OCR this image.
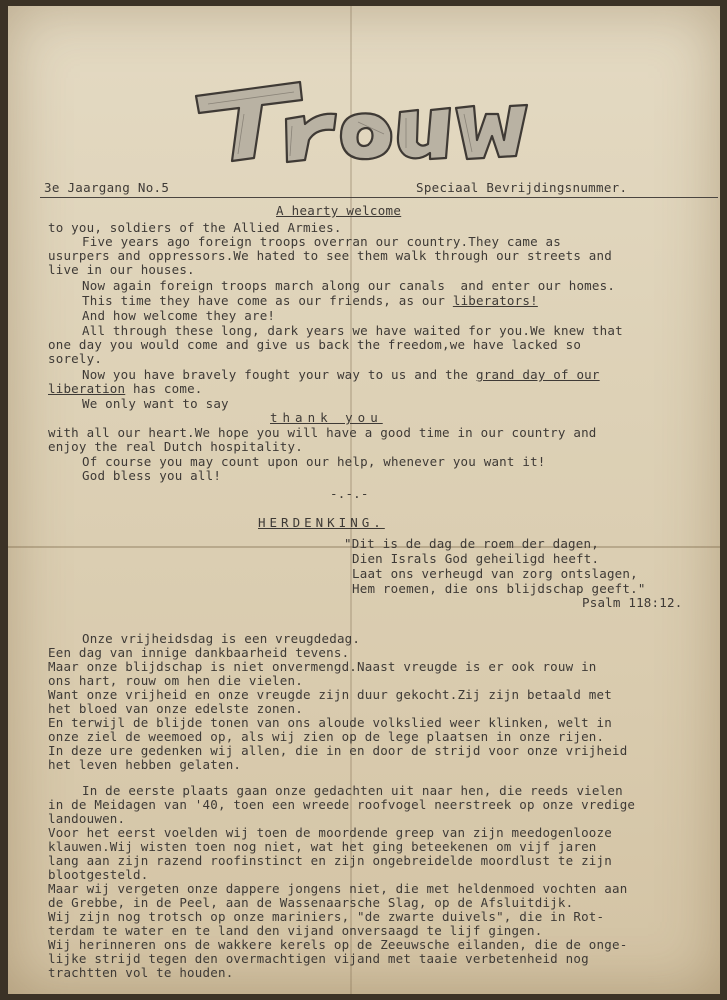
3e Jaargang No.5	Speciaal Bevrijdingsnummer.
A hearty welcome
to you, soldiers of the Allied Armies.
Five years ago foreign troops overran our country.They came as
usurpers and oppressors.We hated to see them walk through our streets and
live in our houses.
Now again foreign troops march along our canals  and enter our homes.
This time they have come as our friends, as our liberators!
And how welcome they are!
All through these long, dark years we have waited for you.We knew that
one day you would come and give us back the freedom,we have lacked so
sorely.
Now you have bravely fought your way to us and the grand day of our
liberation has come.
We only want to say
thank you
with all our heart.We hope you will have a good time in our country and
enjoy the real Dutch hospitality.
Of course you may count upon our help, whenever you want it!
God bless you all!
-.-.-
HERDENKING.
"Dit is de dag de roem der dagen,
Dien Israls God geheiligd heeft.
Laat ons verheugd van zorg ontslagen,
Hem roemen, die ons blijdschap geeft."
Psalm 118:12.
Onze vrijheidsdag is een vreugdedag.
Een dag van innige dankbaarheid tevens.
Maar onze blijdschap is niet onvermengd.Naast vreugde is er ook rouw in
ons hart, rouw om hen die vielen.
Want onze vrijheid en onze vreugde zijn duur gekocht.Zij zijn betaald met
het bloed van onze edelste zonen.
En terwijl de blijde tonen van ons aloude volkslied weer klinken, welt in
onze ziel de weemoed op, als wij zien op de lege plaatsen in onze rijen.
In deze ure gedenken wij allen, die in en door de strijd voor onze vrijheid
het leven hebben gelaten.
In de eerste plaats gaan onze gedachten uit naar hen, die reeds vielen
in de Meidagen van '40, toen een wreede roofvogel neerstreek op onze vredige
landouwen.
Voor het eerst voelden wij toen de moordende greep van zijn meedogenlooze
klauwen.Wij wisten toen nog niet, wat het ging beteekenen om vijf jaren
lang aan zijn razend roofinstinct en zijn ongebreidelde moordlust te zijn
blootgesteld.
Maar wij vergeten onze dappere jongens niet, die met heldenmoed vochten aan
de Grebbe, in de Peel, aan de Wassenaarsche Slag, op de Afsluitdijk.
Wij zijn nog trotsch op onze mariniers, "de zwarte duivels", die in Rot-
terdam te water en te land den vijand onversaagd te lijf gingen.
Wij herinneren ons de wakkere kerels op de Zeeuwsche eilanden, die de onge-
lijke strijd tegen den overmachtigen vijand met taaie verbetenheid nog
trachtten vol te houden.
